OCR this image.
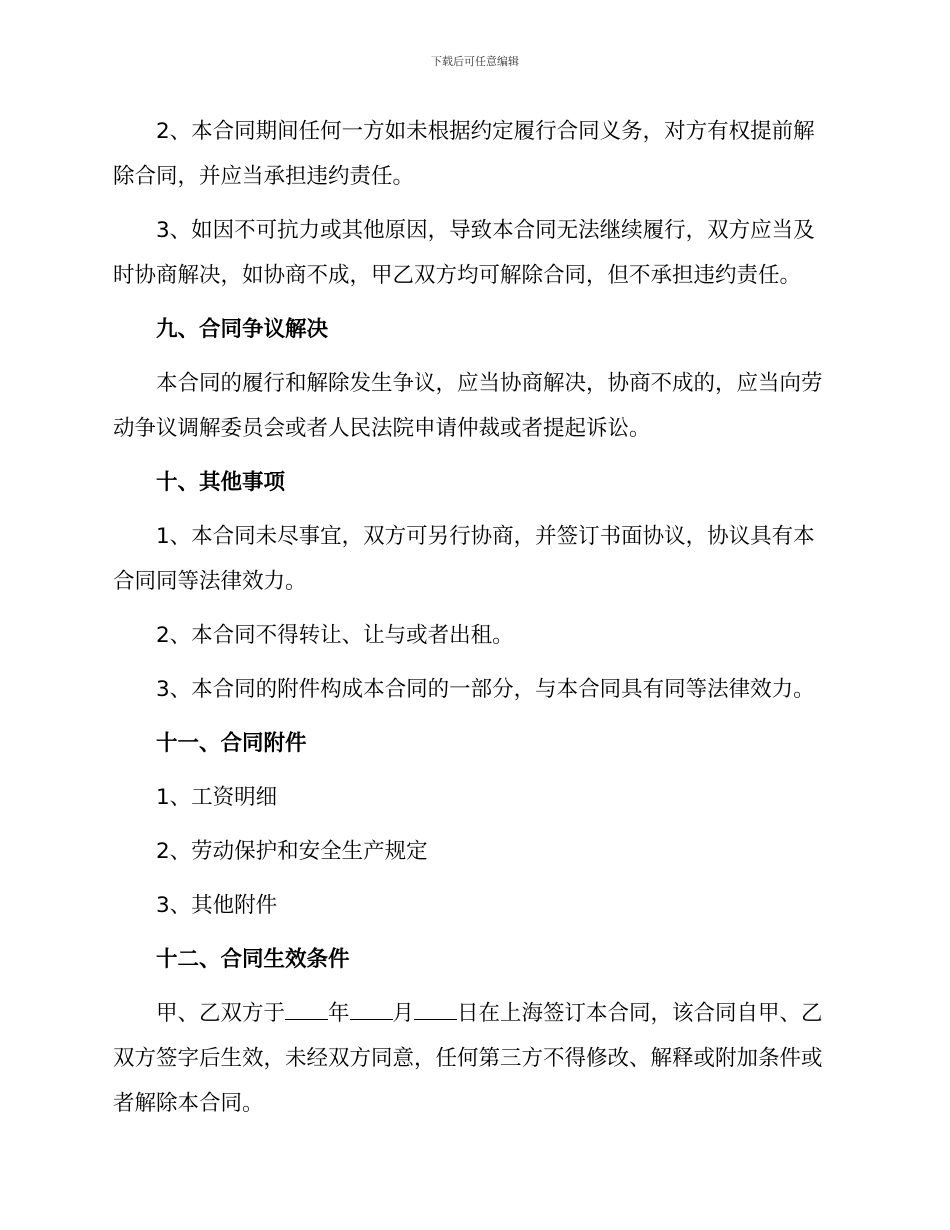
下载后可任意编辑

2、本合同期间任何一方如未根据约定履行合同义务，对方有权提前解除合同，并应当承担违约责任。

3、如因不可抗力或其他原因，导致本合同无法继续履行，双方应当及时协商解决，如协商不成，甲乙双方均可解除合同，但不承担违约责任。

九、合同争议解决

本合同的履行和解除发生争议，应当协商解决，协商不成的，应当向劳动争议调解委员会或者人民法院申请仲裁或者提起诉讼。

十、其他事项

1、本合同未尽事宜，双方可另行协商，并签订书面协议，协议具有本合同同等法律效力。

2、本合同不得转让、让与或者出租。

3、本合同的附件构成本合同的一部分，与本合同具有同等法律效力。

十一、合同附件

1、工资明细

2、劳动保护和安全生产规定

3、其他附件

十二、合同生效条件

甲、乙双方于 年 月 日在上海签订本合同，该合同自甲、乙双方签字后生效，未经双方同意，任何第三方不得修改、解释或附加条件或者解除本合同。
